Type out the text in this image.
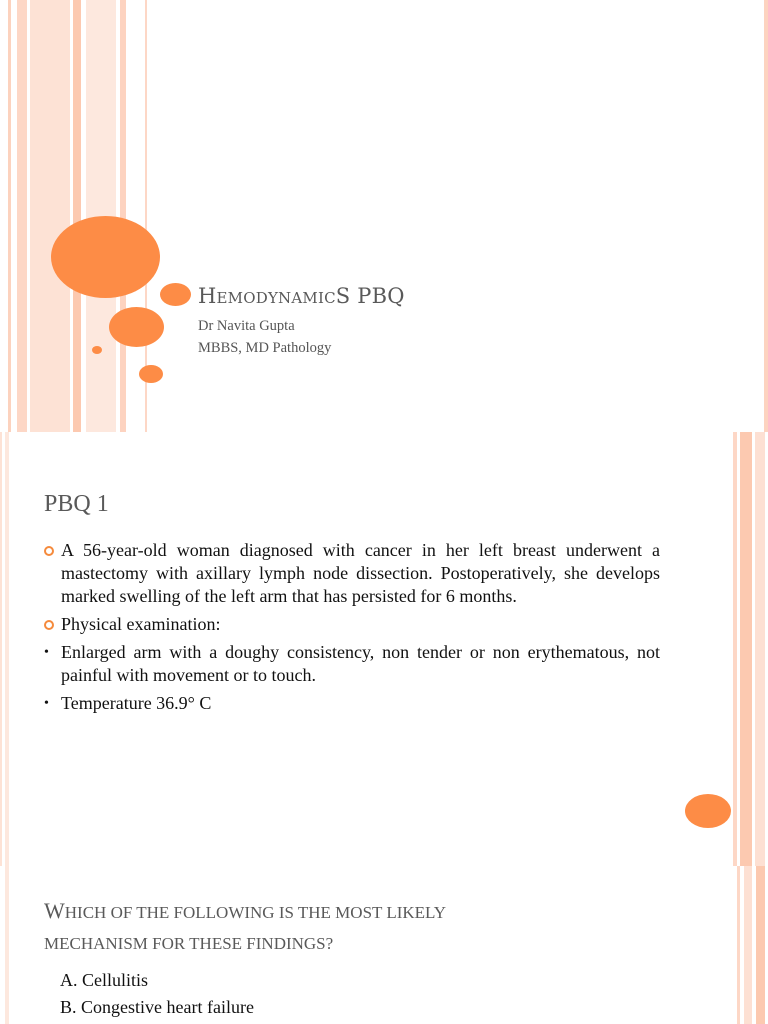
HEMODYNAMICS PBQ
Dr Navita Gupta
MBBS, MD Pathology
PBQ 1
A 56-year-old woman diagnosed with cancer in her left breast underwent a mastectomy with axillary lymph node dissection. Postoperatively, she develops marked swelling of the left arm that has persisted for 6 months.
Physical examination:
• Enlarged arm with a doughy consistency, non tender or non erythematous, not painful with movement or to touch.
• Temperature 36.9° C
WHICH OF THE FOLLOWING IS THE MOST LIKELY
MECHANISM FOR THESE FINDINGS?
A. Cellulitis
B. Congestive heart failure
